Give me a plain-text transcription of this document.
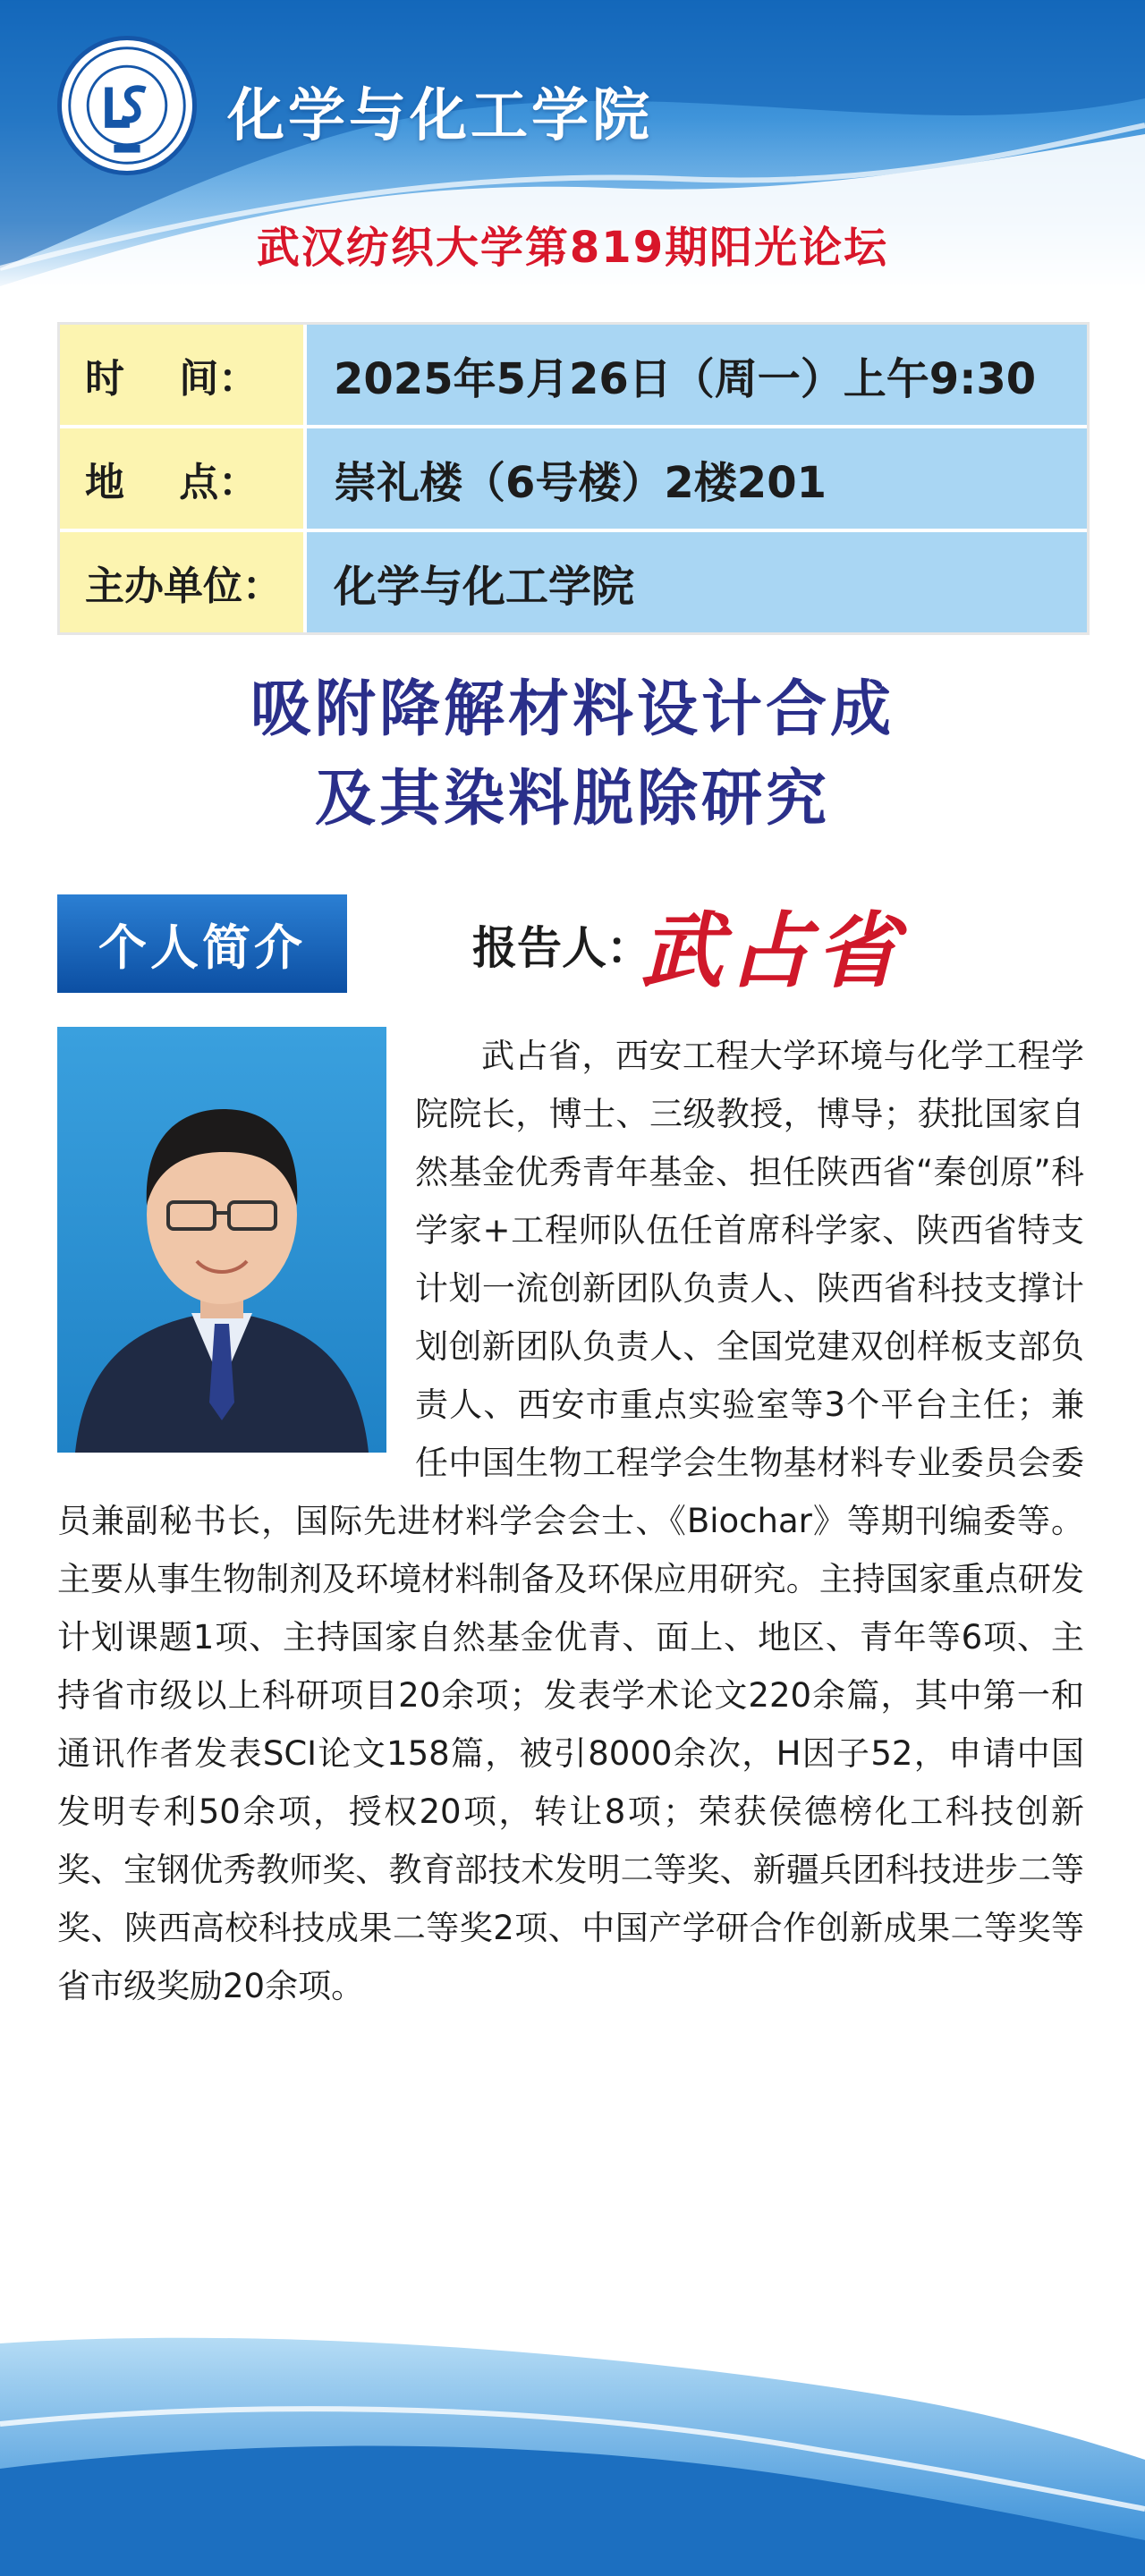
化学与化工学院
武汉纺织大学第819期阳光论坛
时    间：	2025年5月26日（周一）上午9:30
地    点：	崇礼楼（6号楼）2楼201
主办单位：	化学与化工学院
吸附降解材料设计合成
及其染料脱除研究
个人简介	报告人：
武占省
武占省，西安工程大学环境与化学工程学院院长，博士、三级教授，博导；获批国家自然基金优秀青年基金、担任陕西省“秦创原”科学家+工程师队伍任首席科学家、陕西省特支计划一流创新团队负责人、陕西省科技支撑计划创新团队负责人、全国党建双创样板支部负责人、西安市重点实验室等3个平台主任；兼任中国生物工程学会生物基材料专业委员会委员兼副秘书长，国际先进材料学会会士、《Biochar》等期刊编委等。主要从事生物制剂及环境材料制备及环保应用研究。主持国家重点研发计划课题1项、主持国家自然基金优青、面上、地区、青年等6项、主持省市级以上科研项目20余项；发表学术论文220余篇，其中第一和通讯作者发表SCI论文158篇，被引8000余次，H因子52，申请中国发明专利50余项，授权20项，转让8项；荣获侯德榜化工科技创新奖、宝钢优秀教师奖、教育部技术发明二等奖、新疆兵团科技进步二等奖、陕西高校科技成果二等奖2项、中国产学研合作创新成果二等奖等省市级奖励20余项。
